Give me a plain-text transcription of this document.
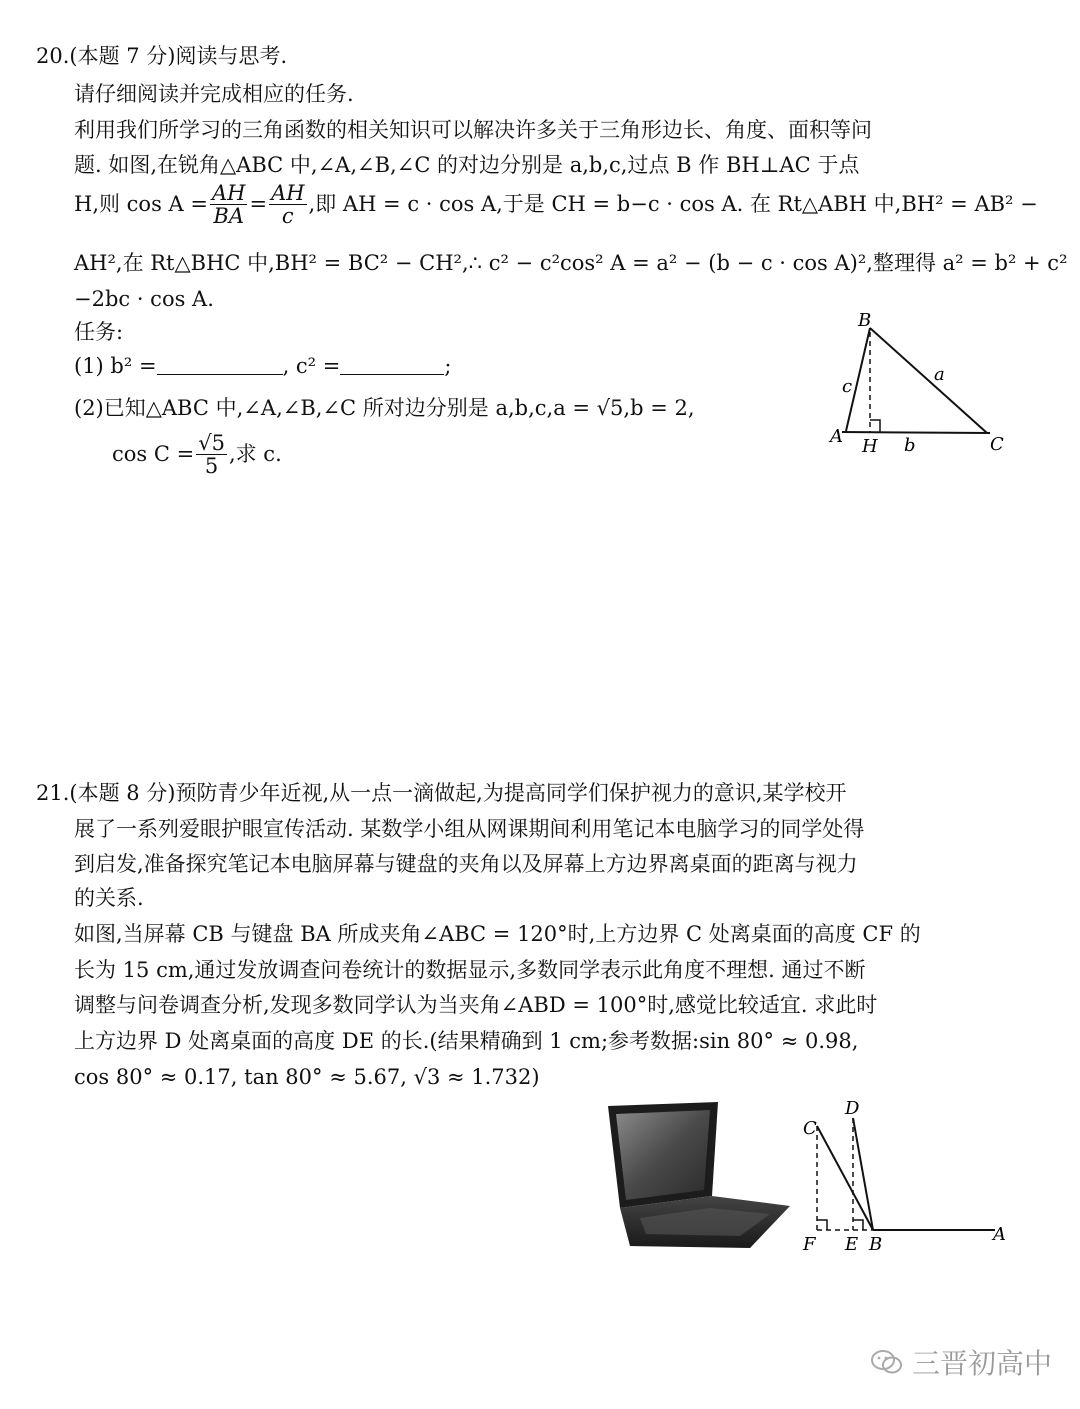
20.(本题 7 分)阅读与思考.
请仔细阅读并完成相应的任务.
利用我们所学习的三角函数的相关知识可以解决许多关于三角形边长、角度、面积等问
题. 如图,在锐角△ABC 中,∠A,∠B,∠C 的对边分别是 a,b,c,过点 B 作 BH⊥AC 于点
H,则 $\cos A = \frac{AH}{BA} = \frac{AH}{c}$ ,即 AH = c · cos A,于是 CH = b−c · cos A. 在 Rt△ABH 中,BH² = AB² −
AH²,在 Rt△BHC 中,BH² = BC² − CH²,∴ c² − c²cos² A = a² − (b − c · cos A)²,整理得 a² = b² + c²
−2bc · cos A.
任务:
(1) b² =	, c² =	;
(2)已知△ABC 中,∠A,∠B,∠C 所对边分别是 a,b,c,a = √5,b = 2,
$\cos C = \frac{√5}{5}$ ,求 c.
B
A H	C
a
b
c
21.(本题 8 分)预防青少年近视,从一点一滴做起,为提高同学们保护视力的意识,某学校开
展了一系列爱眼护眼宣传活动. 某数学小组从网课期间利用笔记本电脑学习的同学处得
到启发,准备探究笔记本电脑屏幕与键盘的夹角以及屏幕上方边界离桌面的距离与视力
的关系.
如图,当屏幕 CB 与键盘 BA 所成夹角∠ABC = 120°时,上方边界 C 处离桌面的高度 CF 的
长为 15 cm,通过发放调查问卷统计的数据显示,多数同学表示此角度不理想. 通过不断
调整与问卷调查分析,发现多数同学认为当夹角∠ABD = 100°时,感觉比较适宜. 求此时
上方边界 D 处离桌面的高度 DE 的长.(结果精确到 1 cm;参考数据:sin 80° ≈ 0.98,
cos 80° ≈ 0.17, tan 80° ≈ 5.67, √3 ≈ 1.732)
C
D
F E B	A
三晋初高中
